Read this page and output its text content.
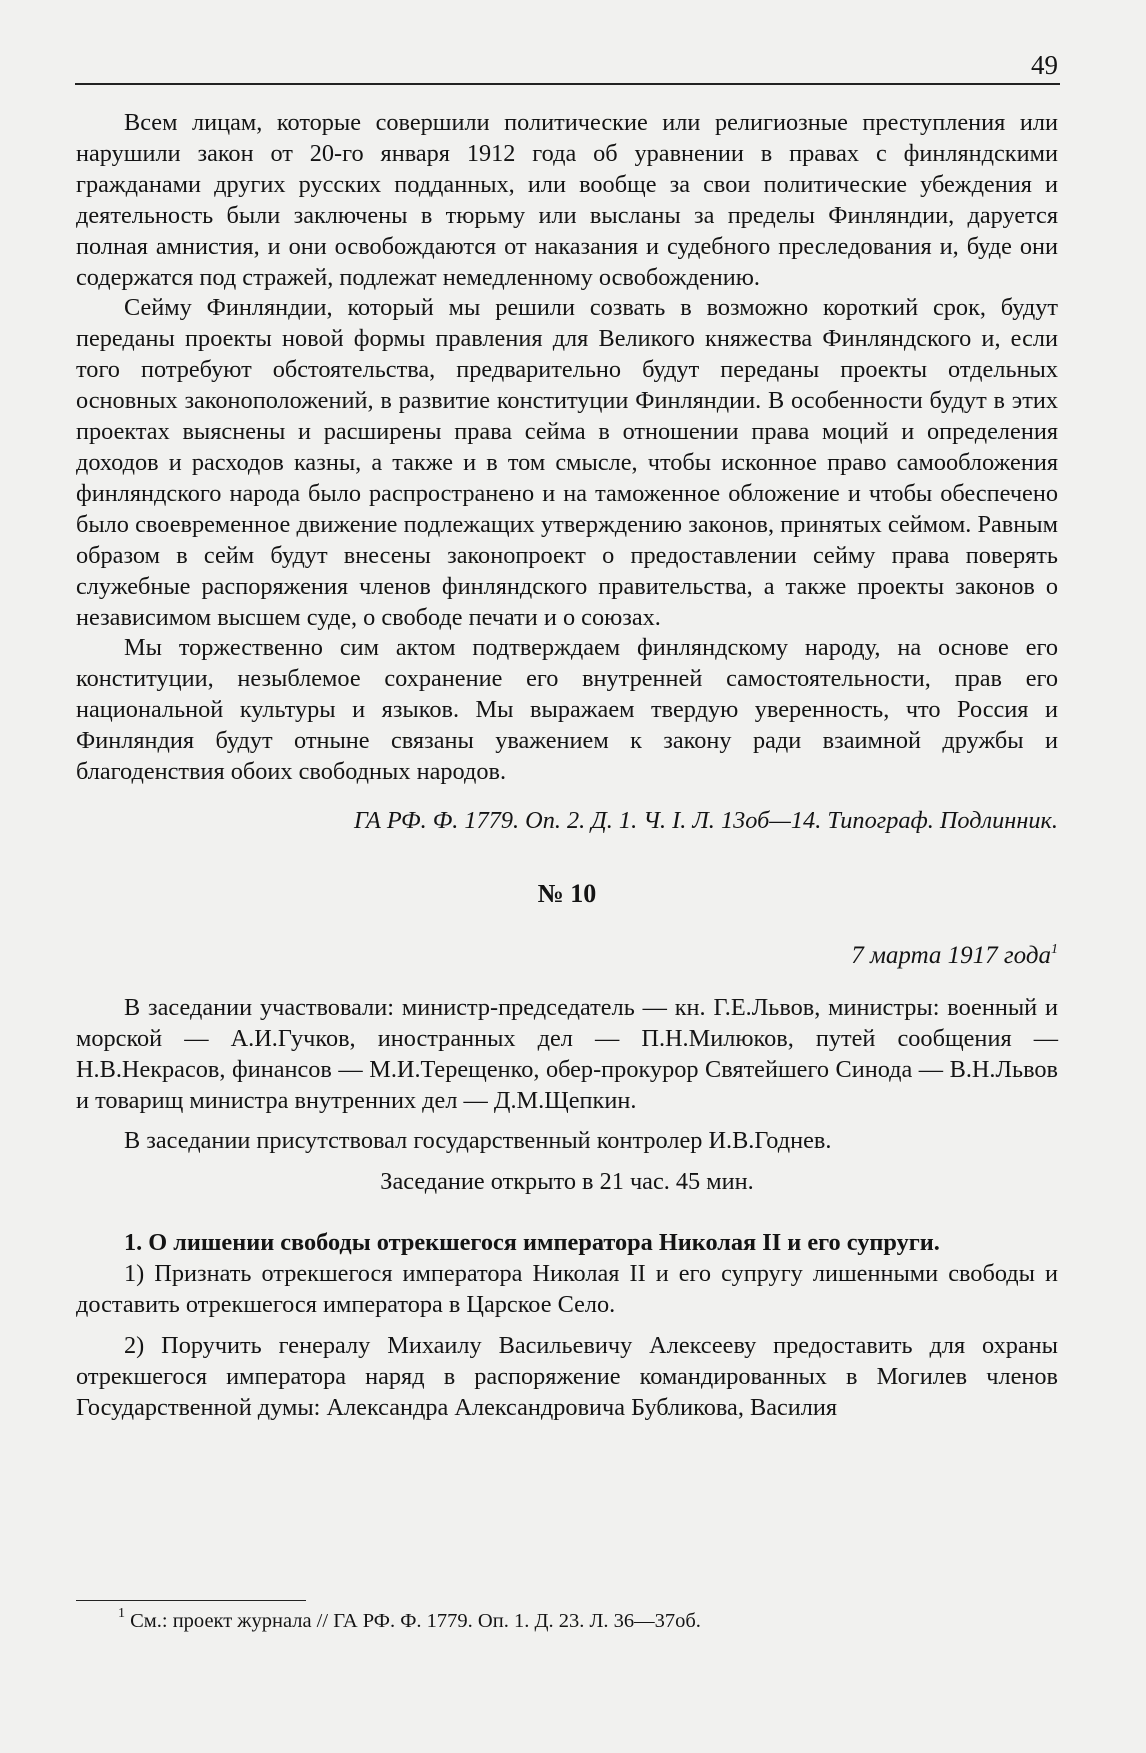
49

Всем лицам, которые совершили политические или религиозные преступления или нарушили закон от 20-го января 1912 года об уравнении в правах с финляндскими гражданами других русских подданных, или вообще за свои политические убеждения и деятельность были заключены в тюрьму или высланы за пределы Финляндии, даруется полная амнистия, и они освобождаются от наказания и судебного преследования и, буде они содержатся под стражей, подлежат немедленному освобождению.

Сейму Финляндии, который мы решили созвать в возможно короткий срок, будут переданы проекты новой формы правления для Великого княжества Финляндского и, если того потребуют обстоятельства, предварительно будут переданы проекты отдельных основных законоположений, в развитие конституции Финляндии. В особенности будут в этих проектах выяснены и расширены права сейма в отношении права моций и определения доходов и расходов казны, а также и в том смысле, чтобы исконное право самообложения финляндского народа было распространено и на таможенное обложение и чтобы обеспечено было своевременное движение подлежащих утверждению законов, принятых сеймом. Равным образом в сейм будут внесены законопроект о предоставлении сейму права поверять служебные распоряжения членов финляндского правительства, а также проекты законов о независимом высшем суде, о свободе печати и о союзах.

Мы торжественно сим актом подтверждаем финляндскому народу, на основе его конституции, незыблемое сохранение его внутренней самостоятельности, прав его национальной культуры и языков. Мы выражаем твердую уверенность, что Россия и Финляндия будут отныне связаны уважением к закону ради взаимной дружбы и благоденствия обоих свободных народов.

ГА РФ. Ф. 1779. Оп. 2. Д. 1. Ч. I. Л. 13об—14. Типограф. Подлинник.
№ 10
7 марта 1917 года$^1$

В заседании участвовали: министр-председатель — кн. Г.Е.Львов, министры: военный и морской — А.И.Гучков, иностранных дел — П.Н.Милюков, путей сообщения — Н.В.Некрасов, финансов — М.И.Терещенко, обер-прокурор Святейшего Синода — В.Н.Львов и товарищ министра внутренних дел — Д.М.Щепкин.

В заседании присутствовал государственный контролер И.В.Годнев.

Заседание открыто в 21 час. 45 мин.

1. О лишении свободы отрекшегося императора Николая II и его супруги.

1) Признать отрекшегося императора Николая II и его супругу лишенными свободы и доставить отрекшегося императора в Царское Село.

2) Поручить генералу Михаилу Васильевичу Алексееву предоставить для охраны отрекшегося императора наряд в распоряжение командированных в Могилев членов Государственной думы: Александра Александровича Бубликова, Василия

$^1$ См.: проект журнала // ГА РФ. Ф. 1779. Оп. 1. Д. 23. Л. 36—37об.
